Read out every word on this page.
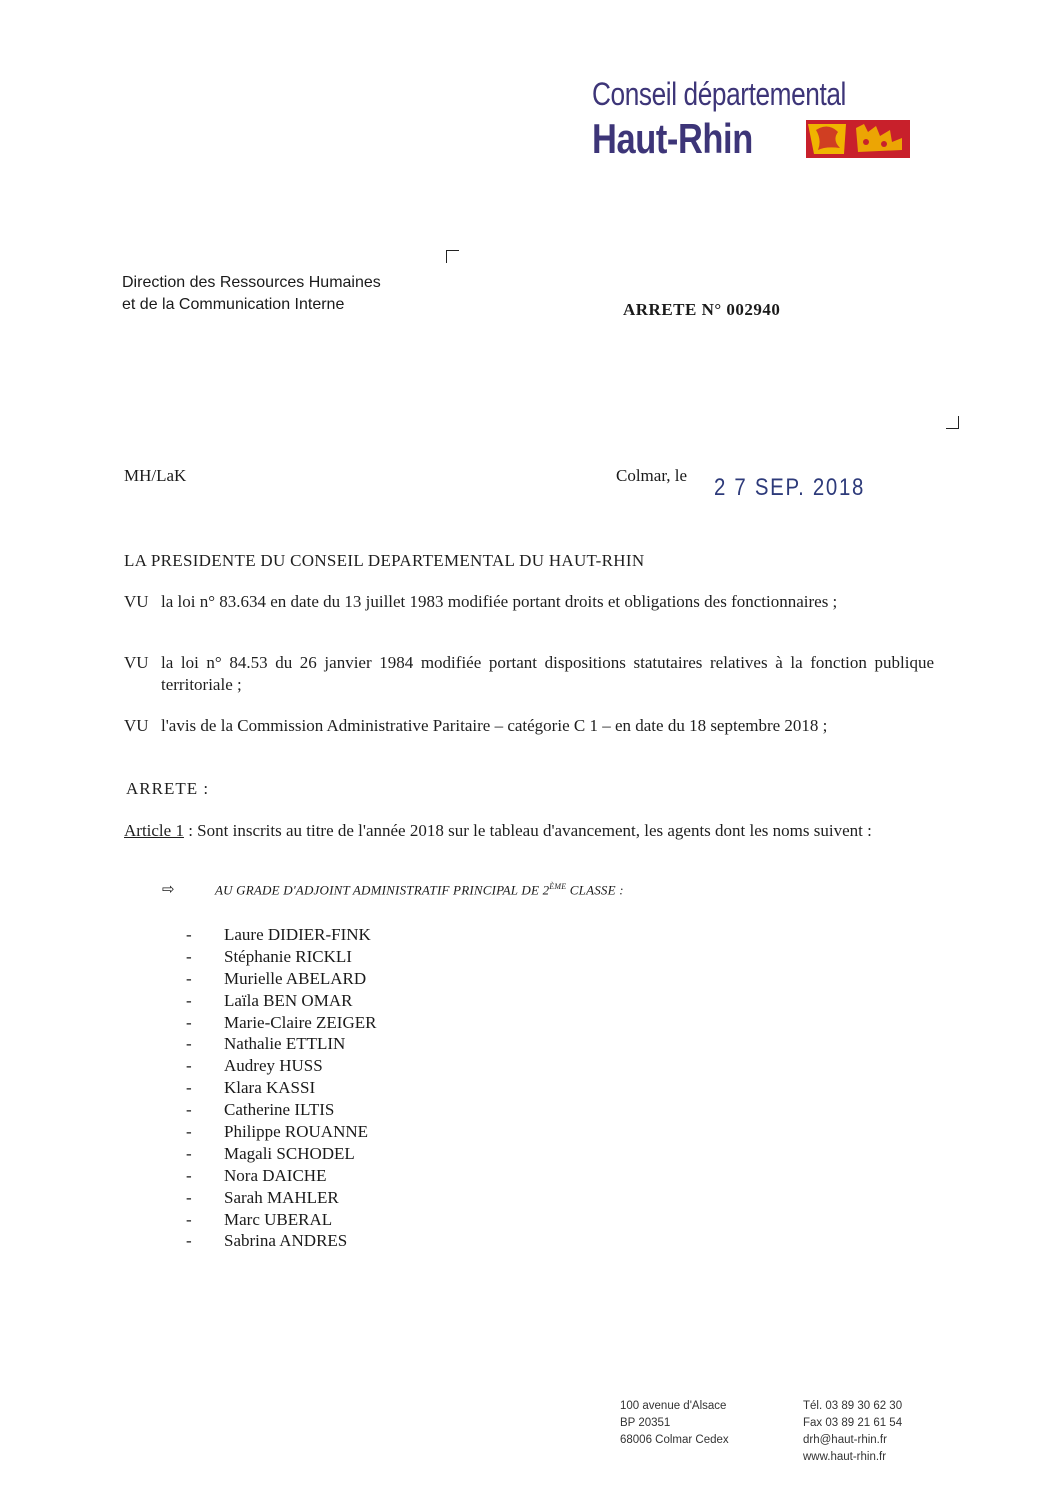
Conseil départemental
Haut-Rhin
Direction des Ressources Humaines
et de la Communication Interne	ARRETE N° 002940
MH/LaK	Colmar, le 2 7 SEP. 2018
LA PRESIDENTE DU CONSEIL DEPARTEMENTAL DU HAUT-RHIN
VU la loi n° 83.634 en date du 13 juillet 1983 modifiée portant droits et obligations des fonctionnaires ;
VU la loi n° 84.53 du 26 janvier 1984 modifiée portant dispositions statutaires relatives à la fonction publique territoriale ;
VU l'avis de la Commission Administrative Paritaire – catégorie C 1 – en date du 18 septembre 2018 ;
ARRETE :
Article 1 : Sont inscrits au titre de l'année 2018 sur le tableau d'avancement, les agents dont les noms suivent :
⇨	AU GRADE D'ADJOINT ADMINISTRATIF PRINCIPAL DE 2ÈME CLASSE :
-	Laure DIDIER-FINK
-	Stéphanie RICKLI
-	Murielle ABELARD
-	Laïla BEN OMAR
-	Marie-Claire ZEIGER
-	Nathalie ETTLIN
-	Audrey HUSS
-	Klara KASSI
-	Catherine ILTIS
-	Philippe ROUANNE
-	Magali SCHODEL
-	Nora DAICHE
-	Sarah MAHLER
-	Marc UBERAL
-	Sabrina ANDRES
100 avenue d'Alsace
BP 20351
68006 Colmar Cedex
Tél. 03 89 30 62 30
Fax 03 89 21 61 54
drh@haut-rhin.fr
www.haut-rhin.fr
